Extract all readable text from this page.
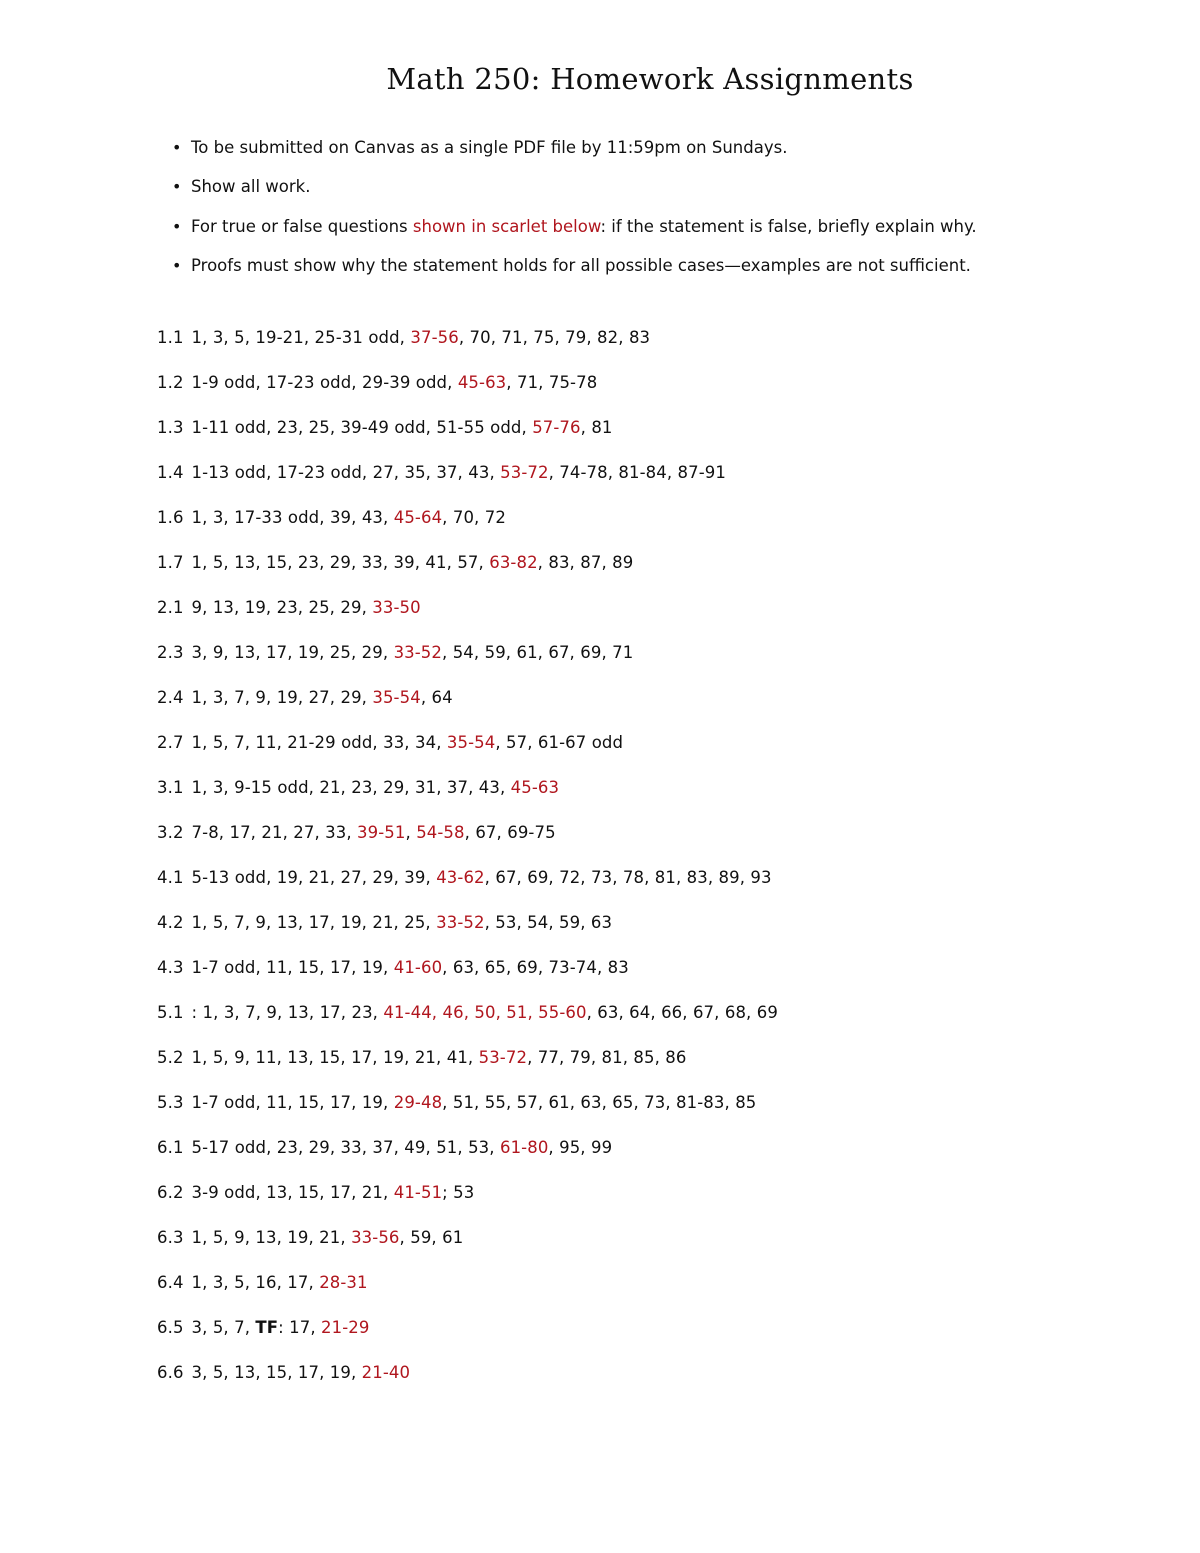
Math 250: Homework Assignments
• To be submitted on Canvas as a single PDF file by 11:59pm on Sundays.
• Show all work.
• For true or false questions shown in scarlet below: if the statement is false, briefly explain why.
• Proofs must show why the statement holds for all possible cases—examples are not sufficient.
1.1 1, 3, 5, 19-21, 25-31 odd, 37-56, 70, 71, 75, 79, 82, 83
1.2 1-9 odd, 17-23 odd, 29-39 odd, 45-63, 71, 75-78
1.3 1-11 odd, 23, 25, 39-49 odd, 51-55 odd, 57-76, 81
1.4 1-13 odd, 17-23 odd, 27, 35, 37, 43, 53-72, 74-78, 81-84, 87-91
1.6 1, 3, 17-33 odd, 39, 43, 45-64, 70, 72
1.7 1, 5, 13, 15, 23, 29, 33, 39, 41, 57, 63-82, 83, 87, 89
2.1 9, 13, 19, 23, 25, 29, 33-50
2.3 3, 9, 13, 17, 19, 25, 29, 33-52, 54, 59, 61, 67, 69, 71
2.4 1, 3, 7, 9, 19, 27, 29, 35-54, 64
2.7 1, 5, 7, 11, 21-29 odd, 33, 34, 35-54, 57, 61-67 odd
3.1 1, 3, 9-15 odd, 21, 23, 29, 31, 37, 43, 45-63
3.2 7-8, 17, 21, 27, 33, 39-51, 54-58, 67, 69-75
4.1 5-13 odd, 19, 21, 27, 29, 39, 43-62, 67, 69, 72, 73, 78, 81, 83, 89, 93
4.2 1, 5, 7, 9, 13, 17, 19, 21, 25, 33-52, 53, 54, 59, 63
4.3 1-7 odd, 11, 15, 17, 19, 41-60, 63, 65, 69, 73-74, 83
5.1 : 1, 3, 7, 9, 13, 17, 23, 41-44, 46, 50, 51, 55-60, 63, 64, 66, 67, 68, 69
5.2 1, 5, 9, 11, 13, 15, 17, 19, 21, 41, 53-72, 77, 79, 81, 85, 86
5.3 1-7 odd, 11, 15, 17, 19, 29-48, 51, 55, 57, 61, 63, 65, 73, 81-83, 85
6.1 5-17 odd, 23, 29, 33, 37, 49, 51, 53, 61-80, 95, 99
6.2 3-9 odd, 13, 15, 17, 21, 41-51; 53
6.3 1, 5, 9, 13, 19, 21, 33-56, 59, 61
6.4 1, 3, 5, 16, 17, 28-31
6.5 3, 5, 7, TF: 17, 21-29
6.6 3, 5, 13, 15, 17, 19, 21-40
